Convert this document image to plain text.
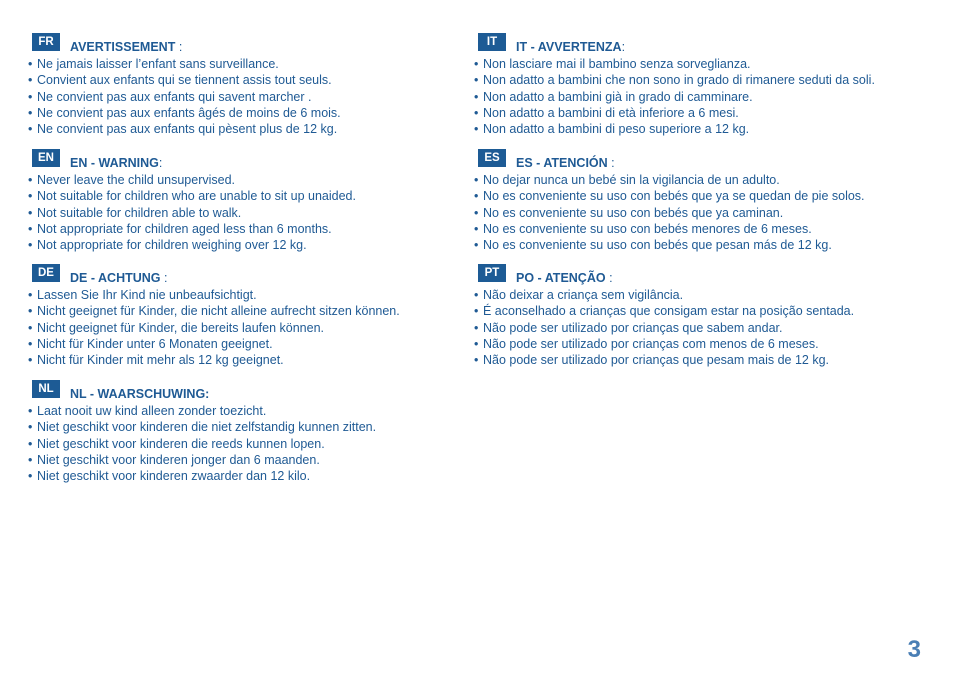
FR	AVERTISSEMENT :
• Ne jamais laisser l’enfant sans surveillance.
• Convient aux enfants qui se tiennent assis tout seuls.
• Ne convient pas aux enfants qui savent marcher .
• Ne convient pas aux enfants âgés de moins de 6 mois.
• Ne convient pas aux enfants qui pèsent plus de 12 kg.
EN	EN - WARNING:
• Never leave the child unsupervised.
• Not suitable for children who are unable to sit up unaided.
• Not suitable for children able to walk.
• Not appropriate for children aged less than 6 months.
• Not appropriate for children weighing over 12 kg.
DE	DE - ACHTUNG :
• Lassen Sie Ihr Kind nie unbeaufsichtigt.
• Nicht geeignet für Kinder, die nicht alleine aufrecht sitzen können.
• Nicht geeignet für Kinder, die bereits laufen können.
• Nicht für Kinder unter 6 Monaten geeignet.
• Nicht für Kinder mit mehr als 12 kg geeignet.
NL	NL - WAARSCHUWING:
• Laat nooit uw kind alleen zonder toezicht.
• Niet geschikt voor kinderen die niet zelfstandig kunnen zitten.
• Niet geschikt voor kinderen die reeds kunnen lopen.
• Niet geschikt voor kinderen jonger dan 6 maanden.
• Niet geschikt voor kinderen zwaarder dan 12 kilo.
IT	IT - AVVERTENZA:
• Non lasciare mai il bambino senza sorveglianza.
• Non adatto a bambini che non sono in grado di rimanere seduti da soli.
• Non adatto a bambini già in grado di camminare.
• Non adatto a bambini di età inferiore a 6 mesi.
• Non adatto a bambini di peso superiore a 12 kg.
ES	ES - ATENCIÓN :
• No dejar nunca un bebé sin la vigilancia de un adulto.
• No es conveniente su uso con bebés que ya se quedan de pie solos.
• No es conveniente su uso con bebés que ya caminan.
• No es conveniente su uso con bebés menores de 6 meses.
• No es conveniente su uso con bebés que pesan más de 12 kg.
PT	PO - ATENÇÃO :
• Não deixar a criança sem vigilância.
• É aconselhado a crianças que consigam estar na posição sentada.
• Não pode ser utilizado por crianças que sabem andar.
• Não pode ser utilizado por crianças com menos de 6 meses.
• Não pode ser utilizado por crianças que pesam mais de 12 kg.
3
